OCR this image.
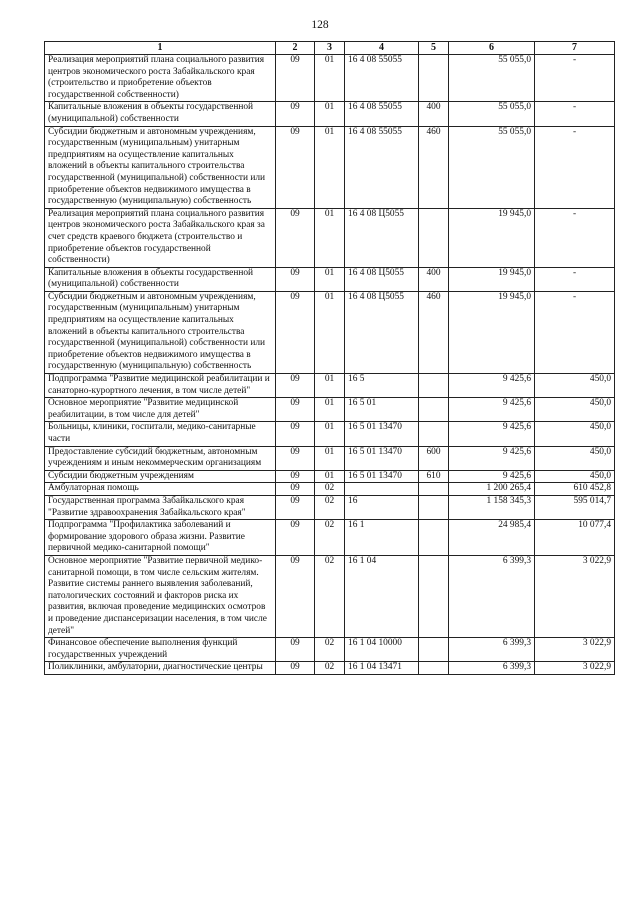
128
1	2	3	4	5	6	7
Реализация мероприятий плана социального развития центров экономического роста Забайкальского края (строительство и приобретение объектов государственной собственности)	09	01	16 4 08 55055		55 055,0	-
Капитальные вложения в объекты государственной (муниципальной) собственности	09	01	16 4 08 55055	400	55 055,0	-
Субсидии бюджетным и автономным учреждениям, государственным (муниципальным) унитарным предприятиям на осуществление капитальных вложений в объекты капитального строительства государственной (муниципальной) собственности или приобретение объектов недвижимого имущества в государственную (муниципальную) собственность	09	01	16 4 08 55055	460	55 055,0	-
Реализация мероприятий плана социального развития центров экономического роста Забайкальского края за счет средств краевого бюджета (строительство и приобретение объектов государственной собственности)	09	01	16 4 08 Ц5055		19 945,0	-
Капитальные вложения в объекты государственной (муниципальной) собственности	09	01	16 4 08 Ц5055	400	19 945,0	-
Субсидии бюджетным и автономным учреждениям, государственным (муниципальным) унитарным предприятиям на осуществление капитальных вложений в объекты капитального строительства государственной (муниципальной) собственности или приобретение объектов недвижимого имущества в государственную (муниципальную) собственность	09	01	16 4 08 Ц5055	460	19 945,0	-
Подпрограмма "Развитие медицинской реабилитации и санаторно-курортного лечения, в том числе детей"	09	01	16 5		9 425,6	450,0
Основное мероприятие "Развитие медицинской реабилитации, в том числе для детей"	09	01	16 5 01		9 425,6	450,0
Больницы, клиники, госпитали, медико-санитарные части	09	01	16 5 01 13470		9 425,6	450,0
Предоставление субсидий бюджетным, автономным учреждениям и иным некоммерческим организациям	09	01	16 5 01 13470	600	9 425,6	450,0
Субсидии бюджетным учреждениям	09	01	16 5 01 13470	610	9 425,6	450,0
Амбулаторная помощь	09	02			1 200 265,4	610 452,8
Государственная программа Забайкальского края "Развитие здравоохранения Забайкальского края"	09	02	16		1 158 345,3	595 014,7
Подпрограмма "Профилактика заболеваний и формирование здорового образа жизни. Развитие первичной медико-санитарной помощи"	09	02	16 1		24 985,4	10 077,4
Основное мероприятие "Развитие первичной медико-санитарной помощи, в том числе сельским жителям. Развитие системы раннего выявления заболеваний, патологических состояний и факторов риска их развития, включая проведение медицинских осмотров и проведение диспансеризации населения, в том числе детей"	09	02	16 1 04		6 399,3	3 022,9
Финансовое обеспечение выполнения функций государственных учреждений	09	02	16 1 04 10000		6 399,3	3 022,9
Поликлиники, амбулатории, диагностические центры	09	02	16 1 04 13471		6 399,3	3 022,9
